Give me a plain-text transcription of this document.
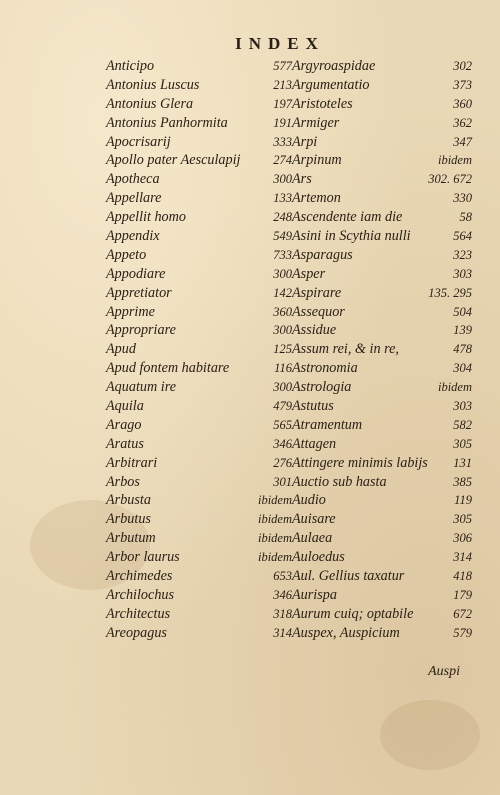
INDEX
Anticipo	577
Antonius Luscus	213
Antonius Glera	197
Antonius Panhormita	191
Apocrisarij	333
Apollo pater Aesculapij	274
Apotheca	300
Appellare	133
Appellit homo	248
Appendix	549
Appeto	733
Appodiare	300
Appretiator	142
Apprime	360
Appropriare	300
Apud	125
Apud fontem habitare	116
Aquatum ire	300
Aquila	479
Arago	565
Aratus	346
Arbitrari	276
Arbos	301
Arbusta	ibidem
Arbutus	ibidem
Arbutum	ibidem
Arbor laurus	ibidem
Archimedes	653
Archilochus	346
Architectus	318
Areopagus	314
Argyroaspidae	302
Argumentatio	373
Aristoteles	360
Armiger	362
Arpi	347
Arpinum	ibidem
Ars	302. 672
Artemon	330
Ascendente iam die	58
Asini in Scythia nulli	564
Asparagus	323
Asper	303
Aspirare	135. 295
Assequor	504
Assidue	139
Assum rei, & in re,	478
Astronomia	304
Astrologia	ibidem
Astutus	303
Atramentum	582
Attagen	305
Attingere minimis labijs	131
Auctio sub hasta	385
Audio	119
Auisare	305
Aulaea	306
Auloedus	314
Aul. Gellius taxatur	418
Aurispa	179
Aurum cuiq; optabile	672
Auspex, Auspicium	579
Auspi
